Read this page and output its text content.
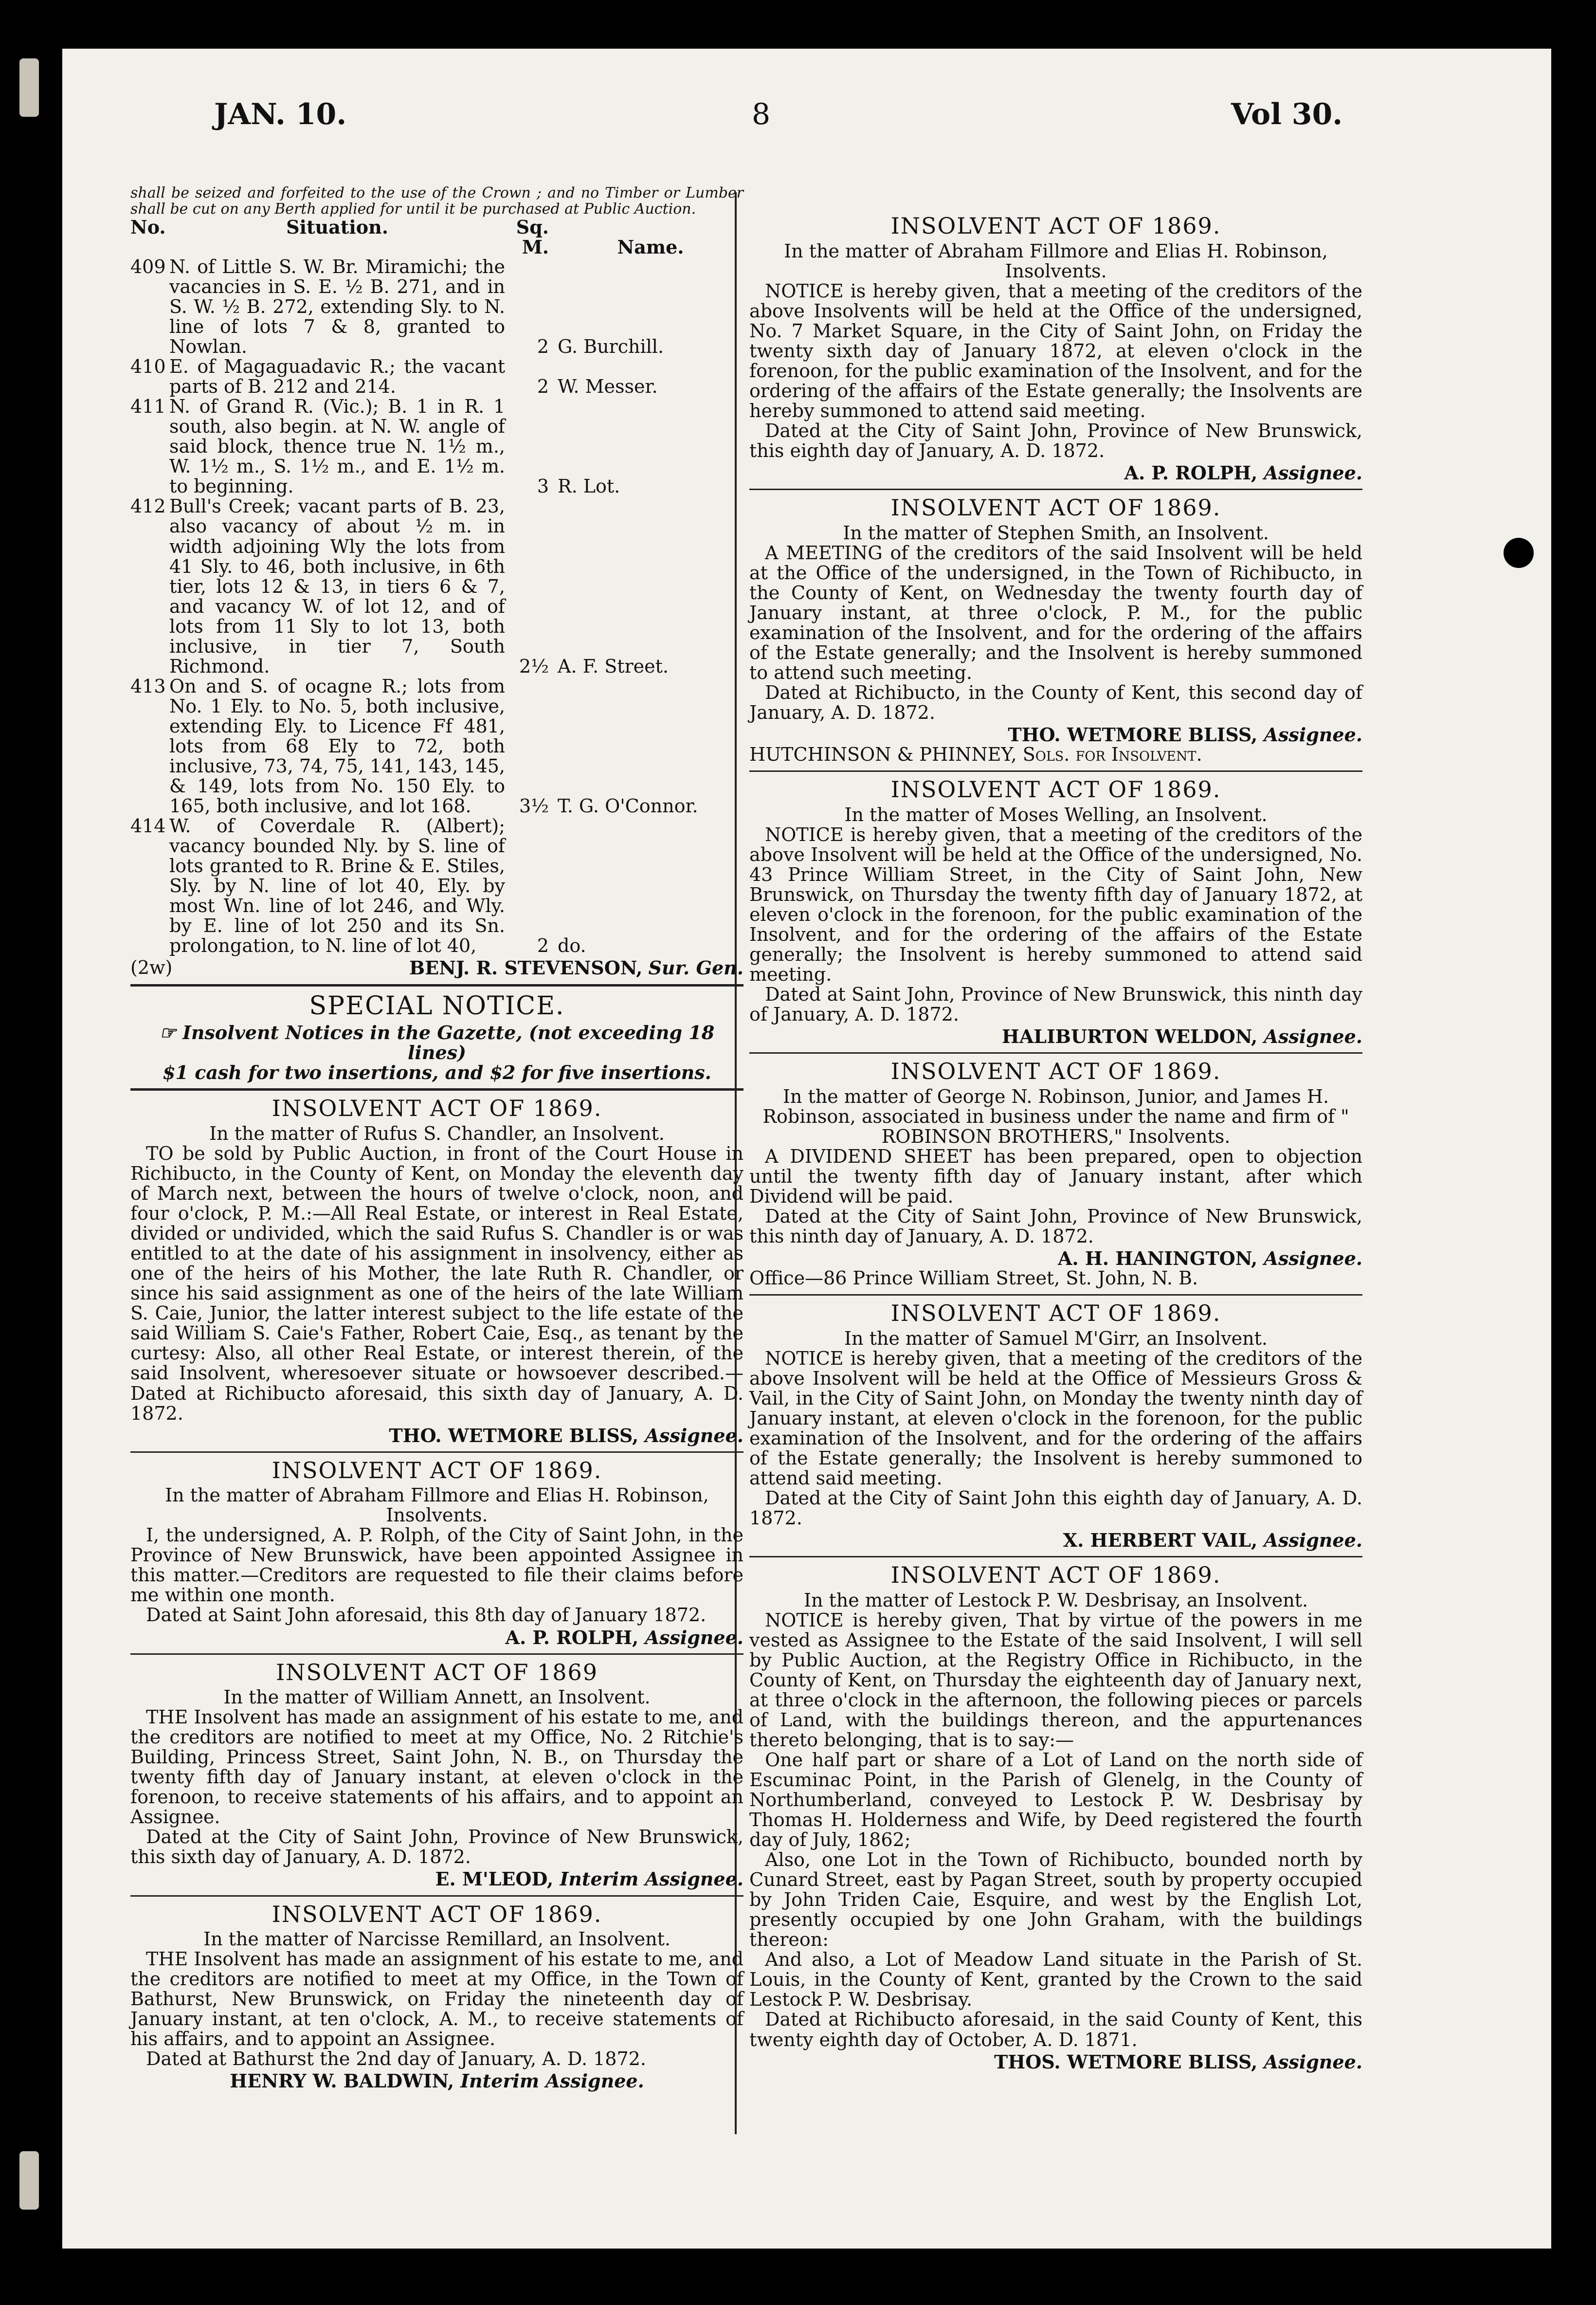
JAN. 10.	8	Vol 30.

shall be seized and forfeited to the use of the Crown ; and no Timber or Lumber shall be cut on any Berth applied for until it be purchased at Public Auction.

No.	Situation.	Sq. M.	Name.
409	N. of Little S. W. Br. Miramichi; the vacancies in S. E. ½ B. 271, and in S. W. ½ B. 272, extending Sly. to N. line of lots 7 & 8, granted to Nowlan.	2	G. Burchill.
410	E. of Magaguadavic R.; the vacant parts of B. 212 and 214.	2	W. Messer.
411	N. of Grand R. (Vic.); B. 1 in R. 1 south, also begin. at N. W. angle of said block, thence true N. 1½ m., W. 1½ m., S. 1½ m., and E. 1½ m. to beginning.	3	R. Lot.
412	Bull's Creek; vacant parts of B. 23, also vacancy of about ½ m. in width adjoining Wly the lots from 41 Sly. to 46, both inclusive, in 6th tier, lots 12 & 13, in tiers 6 & 7, and vacancy W. of lot 12, and of lots from 11 Sly to lot 13, both inclusive, in tier 7, South Richmond.	2½	A. F. Street.
413	On and S. of ocagne R.; lots from No. 1 Ely. to No. 5, both inclusive, extending Ely. to Licence Ff 481, lots from 68 Ely to 72, both inclusive, 73, 74, 75, 141, 143, 145, & 149, lots from No. 150 Ely. to 165, both inclusive, and lot 168.	3½	T. G. O'Connor.
414	W. of Coverdale R. (Albert); vacancy bounded Nly. by S. line of lots granted to R. Brine & E. Stiles, Sly. by N. line of lot 40, Ely. by most Wn. line of lot 246, and Wly. by E. line of lot 250 and its Sn. prolongation, to N. line of lot 40,	2	do.
(2w)	BENJ. R. STEVENSON, Sur. Gen.
SPECIAL NOTICE.
☞ Insolvent Notices in the Gazette, (not exceeding 18 lines)
$1 cash for two insertions, and $2 for five insertions.
INSOLVENT ACT OF 1869.
In the matter of Rufus S. Chandler, an Insolvent.

TO be sold by Public Auction, in front of the Court House in Richibucto, in the County of Kent, on Monday the eleventh day of March next, between the hours of twelve o'clock, noon, and four o'clock, P. M.:—All Real Estate, or interest in Real Estate, divided or undivided, which the said Rufus S. Chandler is or was entitled to at the date of his assignment in insolvency, either as one of the heirs of his Mother, the late Ruth R. Chandler, or since his said assignment as one of the heirs of the late William S. Caie, Junior, the latter interest subject to the life estate of the said William S. Caie's Father, Robert Caie, Esq., as tenant by the curtesy: Also, all other Real Estate, or interest therein, of the said Insolvent, wheresoever situate or howsoever described.—Dated at Richibucto aforesaid, this sixth day of January, A. D. 1872.

THO. WETMORE BLISS, Assignee.
INSOLVENT ACT OF 1869.
In the matter of Abraham Fillmore and Elias H. Robinson, Insolvents.

I, the undersigned, A. P. Rolph, of the City of Saint John, in the Province of New Brunswick, have been appointed Assignee in this matter.—Creditors are requested to file their claims before me within one month.

Dated at Saint John aforesaid, this 8th day of January 1872.

A. P. ROLPH, Assignee.
INSOLVENT ACT OF 1869
In the matter of William Annett, an Insolvent.

THE Insolvent has made an assignment of his estate to me, and the creditors are notified to meet at my Office, No. 2 Ritchie's Building, Princess Street, Saint John, N. B., on Thursday the twenty fifth day of January instant, at eleven o'clock in the forenoon, to receive statements of his affairs, and to appoint an Assignee.

Dated at the City of Saint John, Province of New Brunswick, this sixth day of January, A. D. 1872.

E. M'LEOD, Interim Assignee.
INSOLVENT ACT OF 1869.
In the matter of Narcisse Remillard, an Insolvent.

THE Insolvent has made an assignment of his estate to me, and the creditors are notified to meet at my Office, in the Town of Bathurst, New Brunswick, on Friday the nineteenth day of January instant, at ten o'clock, A. M., to receive statements of his affairs, and to appoint an Assignee.

Dated at Bathurst the 2nd day of January, A. D. 1872.

HENRY W. BALDWIN, Interim Assignee.
INSOLVENT ACT OF 1869.
In the matter of Abraham Fillmore and Elias H. Robinson, Insolvents.

NOTICE is hereby given, that a meeting of the creditors of the above Insolvents will be held at the Office of the undersigned, No. 7 Market Square, in the City of Saint John, on Friday the twenty sixth day of January 1872, at eleven o'clock in the forenoon, for the public examination of the Insolvent, and for the ordering of the affairs of the Estate generally; the Insolvents are hereby summoned to attend said meeting.

Dated at the City of Saint John, Province of New Brunswick, this eighth day of January, A. D. 1872.

A. P. ROLPH, Assignee.
INSOLVENT ACT OF 1869.
In the matter of Stephen Smith, an Insolvent.

A MEETING of the creditors of the said Insolvent will be held at the Office of the undersigned, in the Town of Richibucto, in the County of Kent, on Wednesday the twenty fourth day of January instant, at three o'clock, P. M., for the public examination of the Insolvent, and for the ordering of the affairs of the Estate generally; and the Insolvent is hereby summoned to attend such meeting.

Dated at Richibucto, in the County of Kent, this second day of January, A. D. 1872.

THO. WETMORE BLISS, Assignee.
HUTCHINSON & PHINNEY, Sols. for Insolvent.
INSOLVENT ACT OF 1869.
In the matter of Moses Welling, an Insolvent.

NOTICE is hereby given, that a meeting of the creditors of the above Insolvent will be held at the Office of the undersigned, No. 43 Prince William Street, in the City of Saint John, New Brunswick, on Thursday the twenty fifth day of January 1872, at eleven o'clock in the forenoon, for the public examination of the Insolvent, and for the ordering of the affairs of the Estate generally; the Insolvent is hereby summoned to attend said meeting.

Dated at Saint John, Province of New Brunswick, this ninth day of January, A. D. 1872.

HALIBURTON WELDON, Assignee.
INSOLVENT ACT OF 1869.
In the matter of George N. Robinson, Junior, and James H. Robinson, associated in business under the name and firm of " ROBINSON BROTHERS," Insolvents.

A DIVIDEND SHEET has been prepared, open to objection until the twenty fifth day of January instant, after which Dividend will be paid.

Dated at the City of Saint John, Province of New Brunswick, this ninth day of January, A. D. 1872.

A. H. HANINGTON, Assignee.
Office—86 Prince William Street, St. John, N. B.
INSOLVENT ACT OF 1869.
In the matter of Samuel M'Girr, an Insolvent.

NOTICE is hereby given, that a meeting of the creditors of the above Insolvent will be held at the Office of Messieurs Gross & Vail, in the City of Saint John, on Monday the twenty ninth day of January instant, at eleven o'clock in the forenoon, for the public examination of the Insolvent, and for the ordering of the affairs of the Estate generally; the Insolvent is hereby summoned to attend said meeting.

Dated at the City of Saint John this eighth day of January, A. D. 1872.

X. HERBERT VAIL, Assignee.
INSOLVENT ACT OF 1869.
In the matter of Lestock P. W. Desbrisay, an Insolvent.

NOTICE is hereby given, That by virtue of the powers in me vested as Assignee to the Estate of the said Insolvent, I will sell by Public Auction, at the Registry Office in Richibucto, in the County of Kent, on Thursday the eighteenth day of January next, at three o'clock in the afternoon, the following pieces or parcels of Land, with the buildings thereon, and the appurtenances thereto belonging, that is to say:—

One half part or share of a Lot of Land on the north side of Escuminac Point, in the Parish of Glenelg, in the County of Northumberland, conveyed to Lestock P. W. Desbrisay by Thomas H. Holderness and Wife, by Deed registered the fourth day of July, 1862;

Also, one Lot in the Town of Richibucto, bounded north by Cunard Street, east by Pagan Street, south by property occupied by John Triden Caie, Esquire, and west by the English Lot, presently occupied by one John Graham, with the buildings thereon:

And also, a Lot of Meadow Land situate in the Parish of St. Louis, in the County of Kent, granted by the Crown to the said Lestock P. W. Desbrisay.

Dated at Richibucto aforesaid, in the said County of Kent, this twenty eighth day of October, A. D. 1871.

THOS. WETMORE BLISS, Assignee.
